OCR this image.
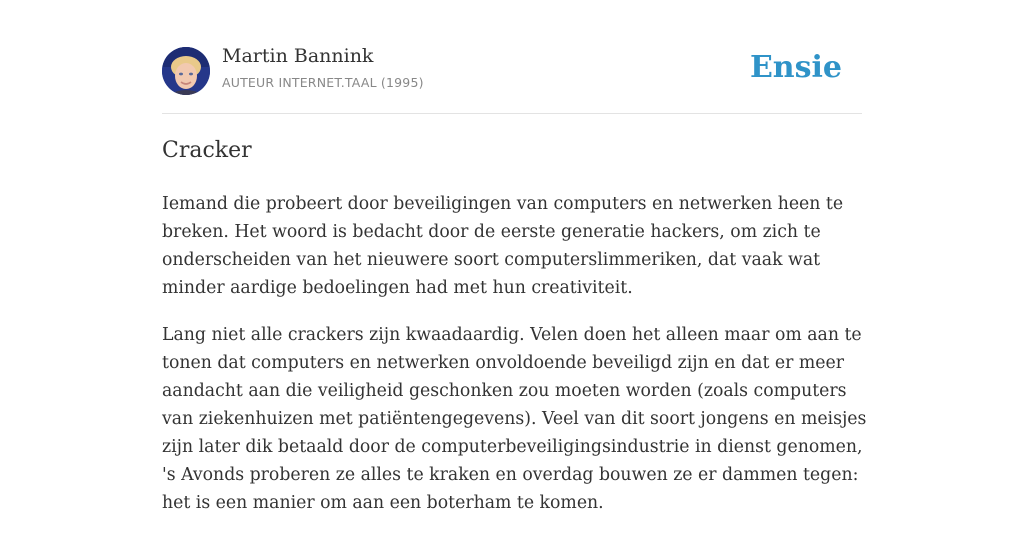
Martin Bannink
AUTEUR INTERNET.TAAL (1995)	Ensie
Cracker

Iemand die probeert door beveiligingen van computers en netwerken heen te
breken. Het woord is bedacht door de eerste generatie hackers, om zich te
onderscheiden van het nieuwere soort computerslimmeriken, dat vaak wat
minder aardige bedoelingen had met hun creativiteit.

Lang niet alle crackers zijn kwaadaardig. Velen doen het alleen maar om aan te
tonen dat computers en netwerken onvoldoende beveiligd zijn en dat er meer
aandacht aan die veiligheid geschonken zou moeten worden (zoals computers
van ziekenhuizen met patiëntengegevens). Veel van dit soort jongens en meisjes
zijn later dik betaald door de computerbeveiligingsindustrie in dienst genomen,
's Avonds proberen ze alles te kraken en overdag bouwen ze er dammen tegen:
het is een manier om aan een boterham te komen.
